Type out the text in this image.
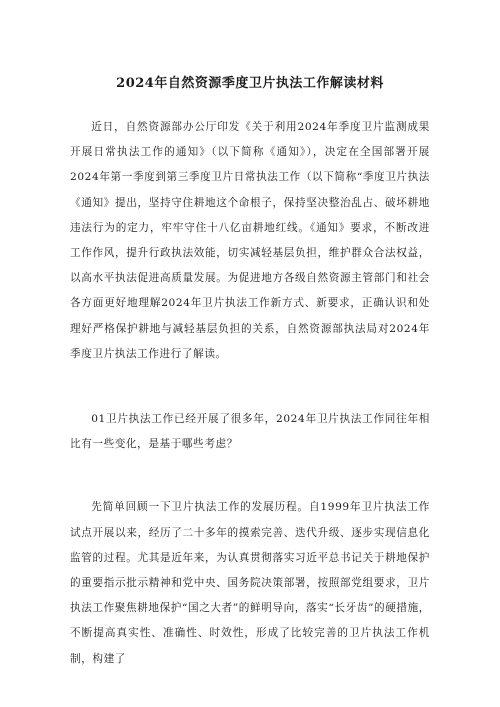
2024年自然资源季度卫片执法工作解读材料

近日，自然资源部办公厅印发《关于利用2024年季度卫片监测成果开展日常执法工作的通知》（以下简称《通知》），决定在全国部署开展2024年第一季度到第三季度卫片日常执法工作（以下简称“季度卫片执法《通知》提出，坚持守住耕地这个命根子，保持坚决整治乱占、破坏耕地违法行为的定力，牢牢守住十八亿亩耕地红线。《通知》要求，不断改进工作作风，提升行政执法效能，切实减轻基层负担，维护群众合法权益，以高水平执法促进高质量发展。为促进地方各级自然资源主管部门和社会各方面更好地理解2024年卫片执法工作新方式、新要求，正确认识和处理好严格保护耕地与减轻基层负担的关系，自然资源部执法局对2024年季度卫片执法工作进行了解读。

01卫片执法工作已经开展了很多年，2024年卫片执法工作同往年相比有一些变化，是基于哪些考虑？

先简单回顾一下卫片执法工作的发展历程。自1999年卫片执法工作试点开展以来，经历了二十多年的摸索完善、迭代升级、逐步实现信息化监管的过程。尤其是近年来，为认真贯彻落实习近平总书记关于耕地保护的重要指示批示精神和党中央、国务院决策部署，按照部党组要求，卫片执法工作聚焦耕地保护“国之大者”的鲜明导向，落实“长牙齿”的硬措施，不断提高真实性、准确性、时效性，形成了比较完善的卫片执法工作机制，构建了
